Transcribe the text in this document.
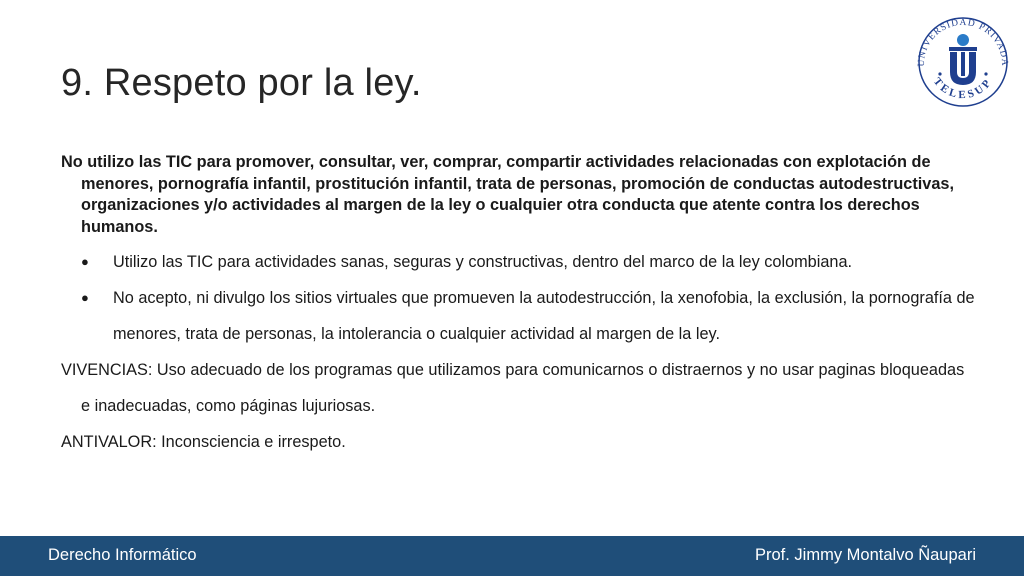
9. Respeto por la ley.	UNIVERSIDAD PRIVADA
TELESUP

No utilizo las TIC para promover, consultar, ver, comprar, compartir actividades relacionadas con explotación de menores, pornografía infantil, prostitución infantil, trata de personas, promoción de conductas autodestructivas, organizaciones y/o actividades al margen de la ley o cualquier otra conducta que atente contra los derechos humanos.

● Utilizo las TIC para actividades sanas, seguras y constructivas, dentro del marco de la ley colombiana.
● No acepto, ni divulgo los sitios virtuales que promueven la autodestrucción, la xenofobia, la exclusión, la pornografía de menores, trata de personas, la intolerancia o cualquier actividad al margen de la ley.

VIVENCIAS: Uso adecuado de los programas que utilizamos para comunicarnos o distraernos y no usar paginas bloqueadas e inadecuadas, como páginas lujuriosas.

ANTIVALOR: Inconsciencia e irrespeto.

Derecho Informático	Prof. Jimmy Montalvo Ñaupari
